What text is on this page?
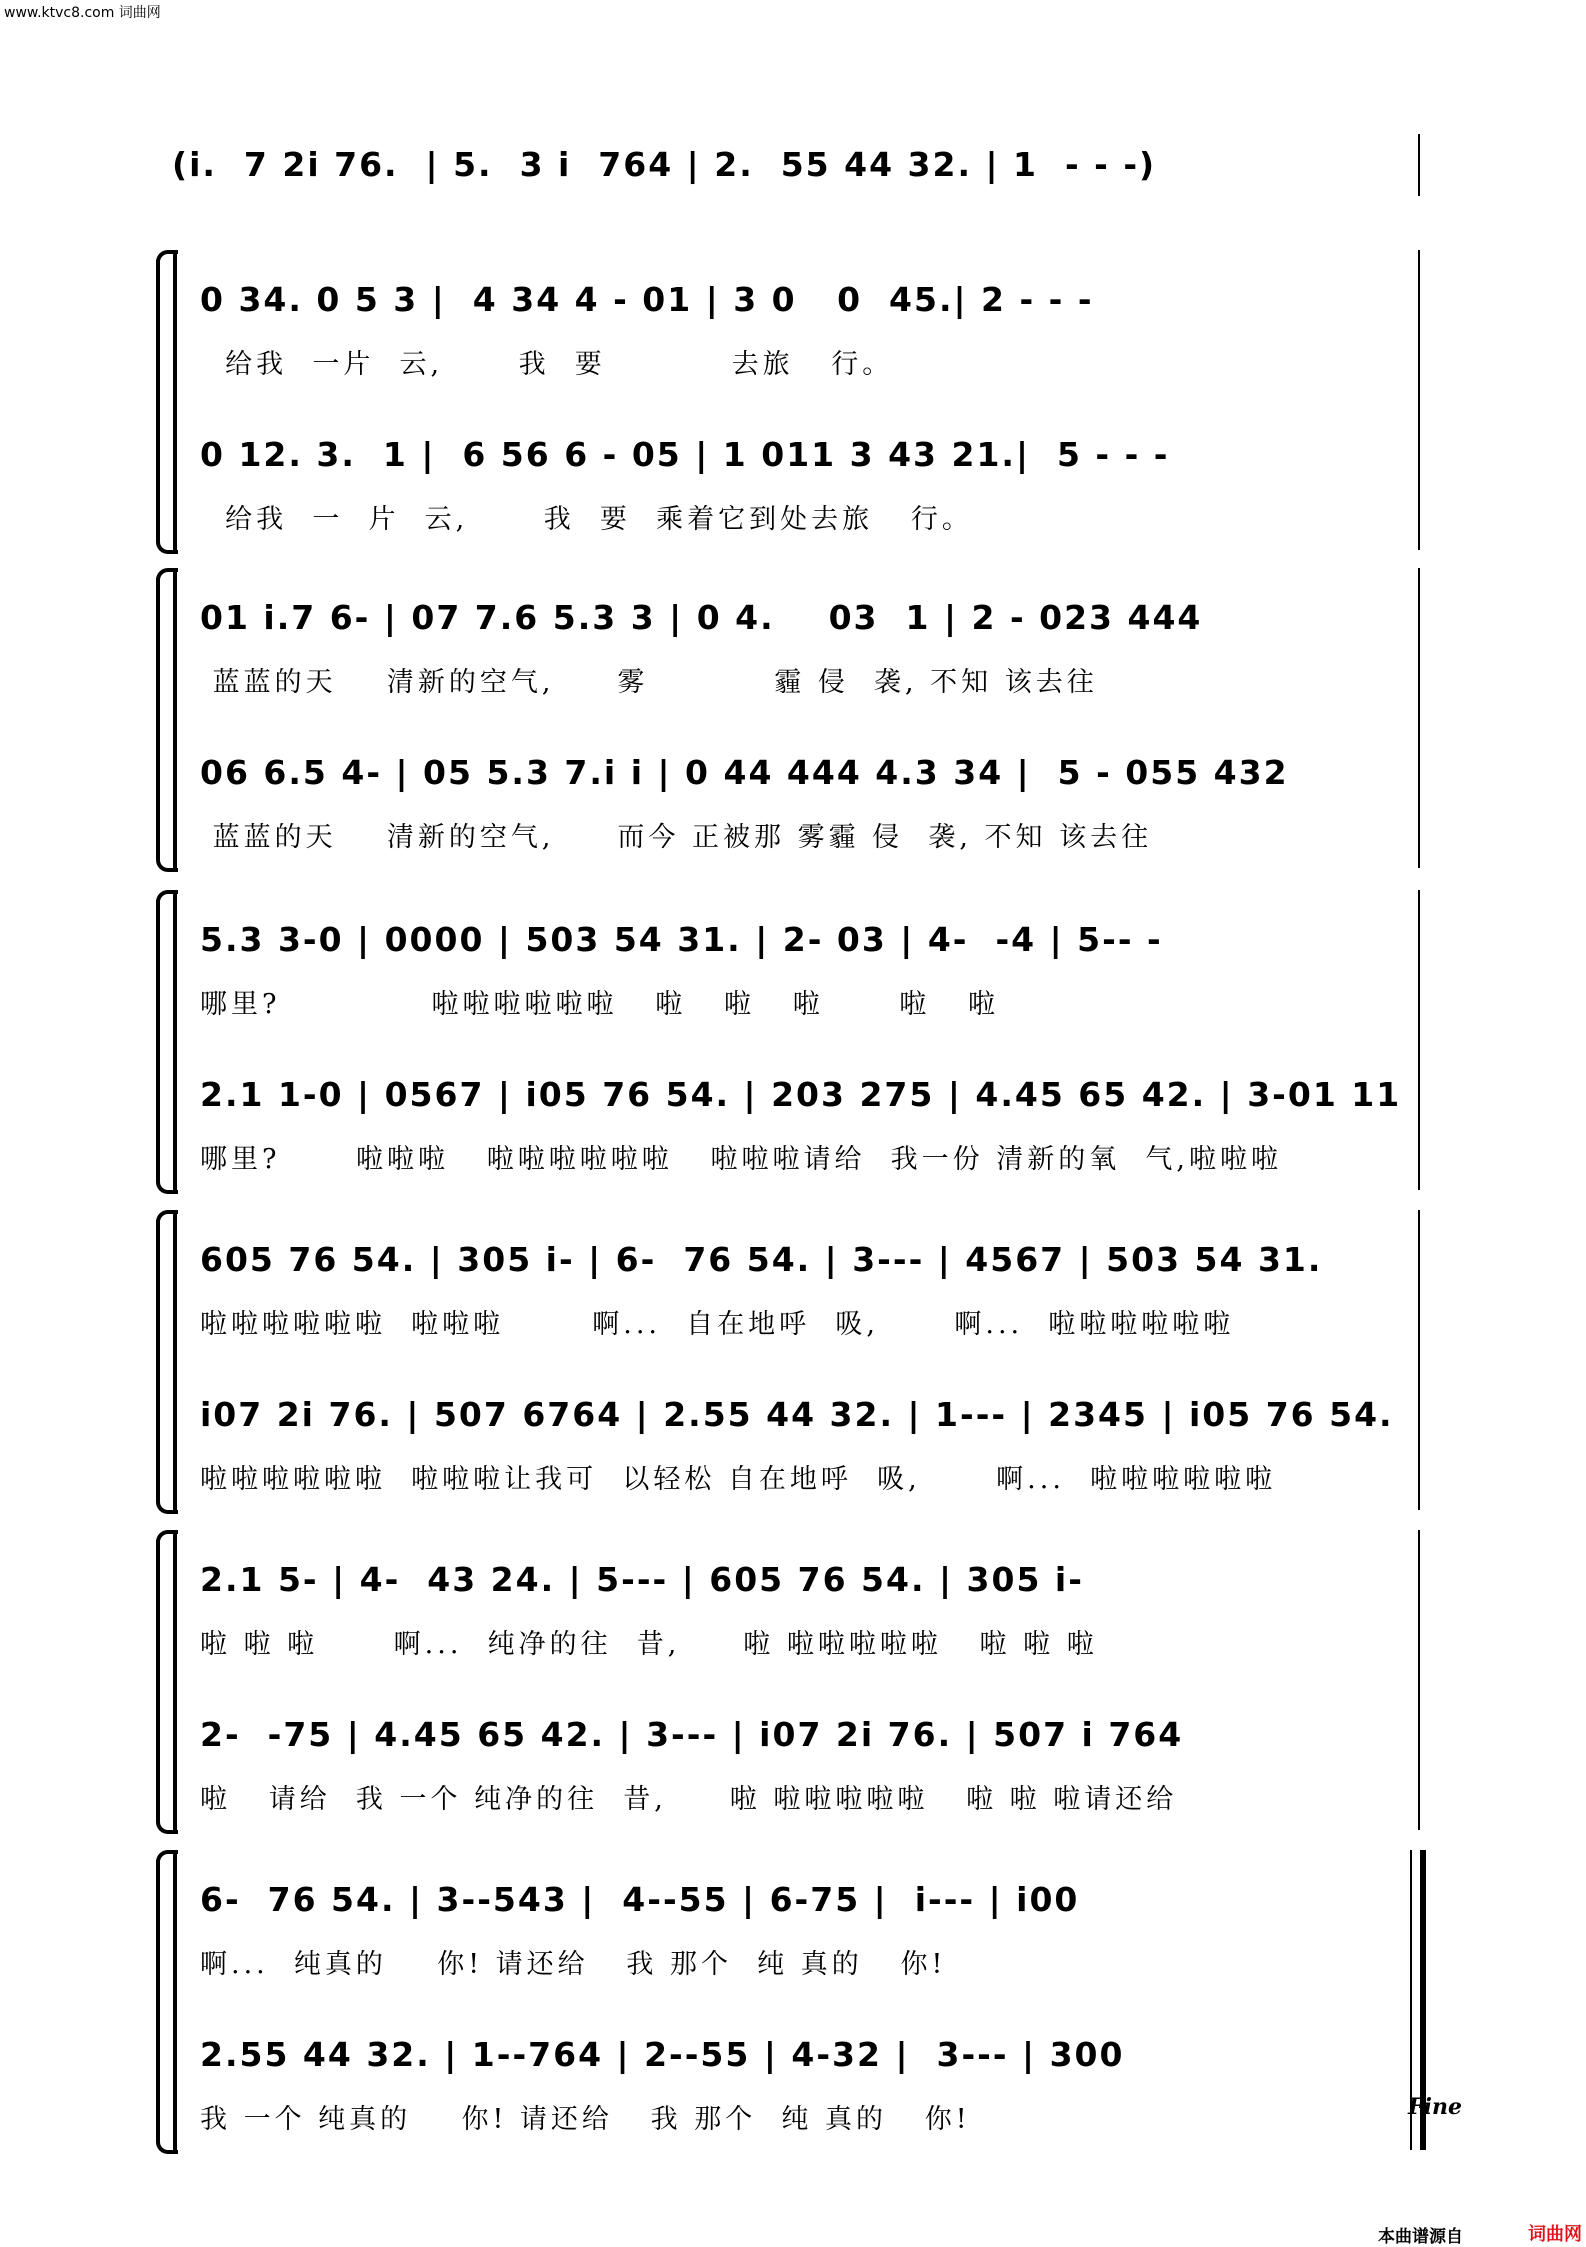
www.ktvc8.com 词曲网
(i.  7 2i 76.  | 5.  3 i  764 | 2.  55 44 32. | 1  - - -)
0 34. 0 5 3 |  4 34 4 - 01 | 3 0   0  45.| 2 - - -
给我  一片  云,      我  要          去旅   行。
0 12. 3.  1 |  6 56 6 - 05 | 1 011 3 43 21.|  5 - - -
给我  一  片  云,      我  要  乘着它到处去旅   行。
01 i.7 6- | 07 7.6 5.3 3 | 0 4.    03  1 | 2 - 023 444
蓝蓝的天    清新的空气,     雾          霾 侵  袭, 不知 该去往
06 6.5 4- | 05 5.3 7.i i | 0 44 444 4.3 34 |  5 - 055 432
蓝蓝的天    清新的空气,     而今 正被那 雾霾 侵  袭, 不知 该去往
5.3 3-0 | 0000 | 503 54 31. | 2- 03 | 4-  -4 | 5-- -
哪里?            啦啦啦啦啦啦   啦   啦   啦      啦   啦
2.1 1-0 | 0567 | i05 76 54. | 203 275 | 4.45 65 42. | 3-01 11
哪里?      啦啦啦   啦啦啦啦啦啦   啦啦啦请给  我一份 清新的氧  气,啦啦啦
605 76 54. | 305 i- | 6-  76 54. | 3--- | 4567 | 503 54 31.
啦啦啦啦啦啦  啦啦啦       啊...  自在地呼  吸,      啊...  啦啦啦啦啦啦
i07 2i 76. | 507 6764 | 2.55 44 32. | 1--- | 2345 | i05 76 54.
啦啦啦啦啦啦  啦啦啦让我可  以轻松 自在地呼  吸,      啊...  啦啦啦啦啦啦
2.1 5- | 4-  43 24. | 5--- | 605 76 54. | 305 i-
啦 啦 啦      啊...  纯净的往  昔,     啦 啦啦啦啦啦   啦 啦 啦
2-  -75 | 4.45 65 42. | 3--- | i07 2i 76. | 507 i 764
啦   请给  我 一个 纯净的往  昔,     啦 啦啦啦啦啦   啦 啦 啦请还给
6-  76 54. | 3--543 |  4--55 | 6-75 |  i--- | i00
啊...  纯真的    你! 请还给   我 那个  纯 真的   你!
2.55 44 32. | 1--764 | 2--55 | 4-32 |  3--- | 300
我 一个 纯真的    你! 请还给   我 那个  纯 真的   你!	Fine
本曲谱源自	词曲网
